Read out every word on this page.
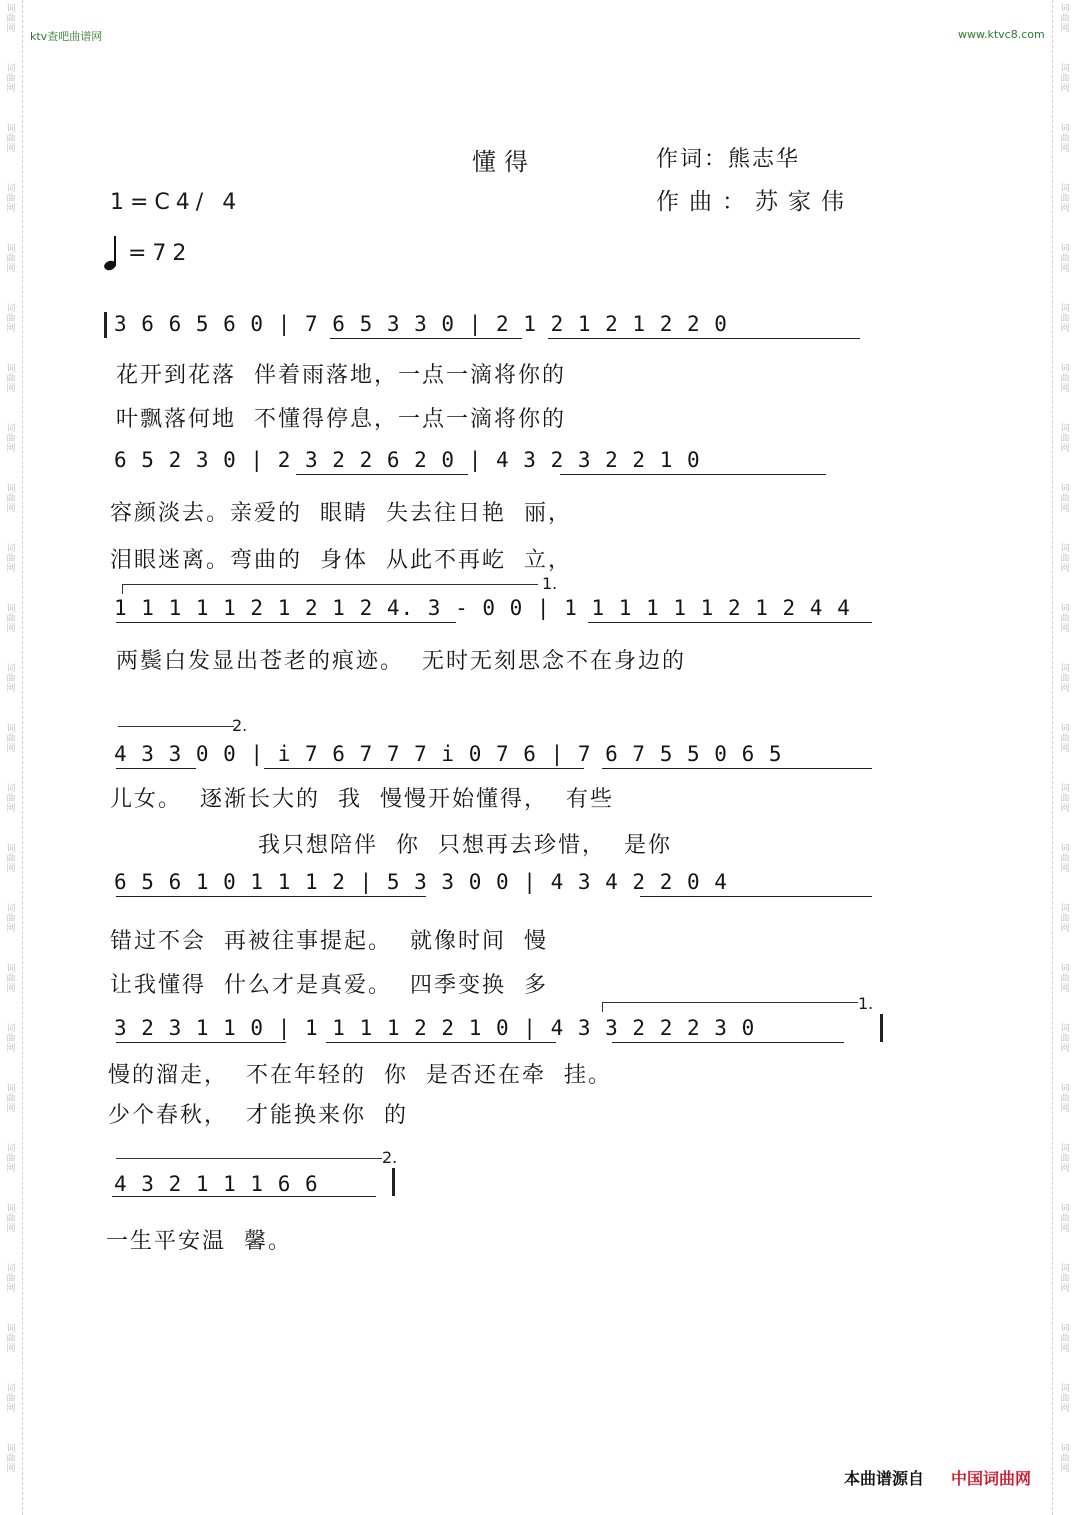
词
曲
网
词
曲
网
词
曲
网
词
曲
网
词
曲
网
词
曲
网
词
曲
网
词
曲
网
词
曲
网
词
曲
网
词
曲
网
词
曲
网
词
曲
网
词
曲
网
词
曲
网
词
曲
网
词
曲
网
词
曲
网
词
曲
网
词
曲
网
词
曲
网
词
曲
网
词
曲
网
词
曲
网
词
曲
网
词
曲
网
词
曲
网
词
曲
网
词
曲
网
词
曲
网
词
曲
网
词
曲
网
词
曲
网
词
曲
网
词
曲
网
词
曲
网
词
曲
网
词
曲
网
词
曲
网
词
曲
网
词
曲
网
词
曲
网
词
曲
网
词
曲
网
词
曲
网
词
曲
网
词
曲
网
词
曲
网
词
曲
网
词
曲
网
ktv查吧曲谱网	www.ktvc8.com
懂得	作词：熊志华
作曲：苏家伟
1=C4/ 4
=72
3 6 6 5 6 0 | 7 6 5 3 3 0 | 2 1 2 1 2 1 2 2 0
花开到花落  伴着雨落地，一点一滴将你的
叶飘落何地  不懂得停息，一点一滴将你的
6 5 2 3 0 | 2 3 2 2 6 2 0 | 4 3 2 3 2 2 1 0
容颜淡去。亲爱的  眼睛  失去往日艳  丽，
泪眼迷离。弯曲的  身体  从此不再屹  立，
1.
1 1 1 1 1 2 1 2 1 2 4. 3 - 0 0 | 1 1 1 1 1 1 2 1 2 4 4
两鬓白发显出苍老的痕迹。  无时无刻思念不在身边的
2.
4 3 3 0 0 | i 7 6 7 7 7 i 0 7 6 | 7 6 7 5 5 0 6 5
儿女。  逐渐长大的  我  慢慢开始懂得，  有些
我只想陪伴  你  只想再去珍惜，  是你
6 5 6 1 0 1 1 1 2 | 5 3 3 0 0 | 4 3 4 2 2 0 4
错过不会  再被往事提起。  就像时间  慢
让我懂得  什么才是真爱。  四季变换  多
1.
3 2 3 1 1 0 | 1 1 1 1 2 2 1 0 | 4 3 3 2 2 2 3 0
慢的溜走，  不在年轻的  你  是否还在牵  挂。
少个春秋，  才能换来你  的
2.
4 3 2 1 1 1 6 6
一生平安温  馨。
本曲谱源自 中国词曲网
